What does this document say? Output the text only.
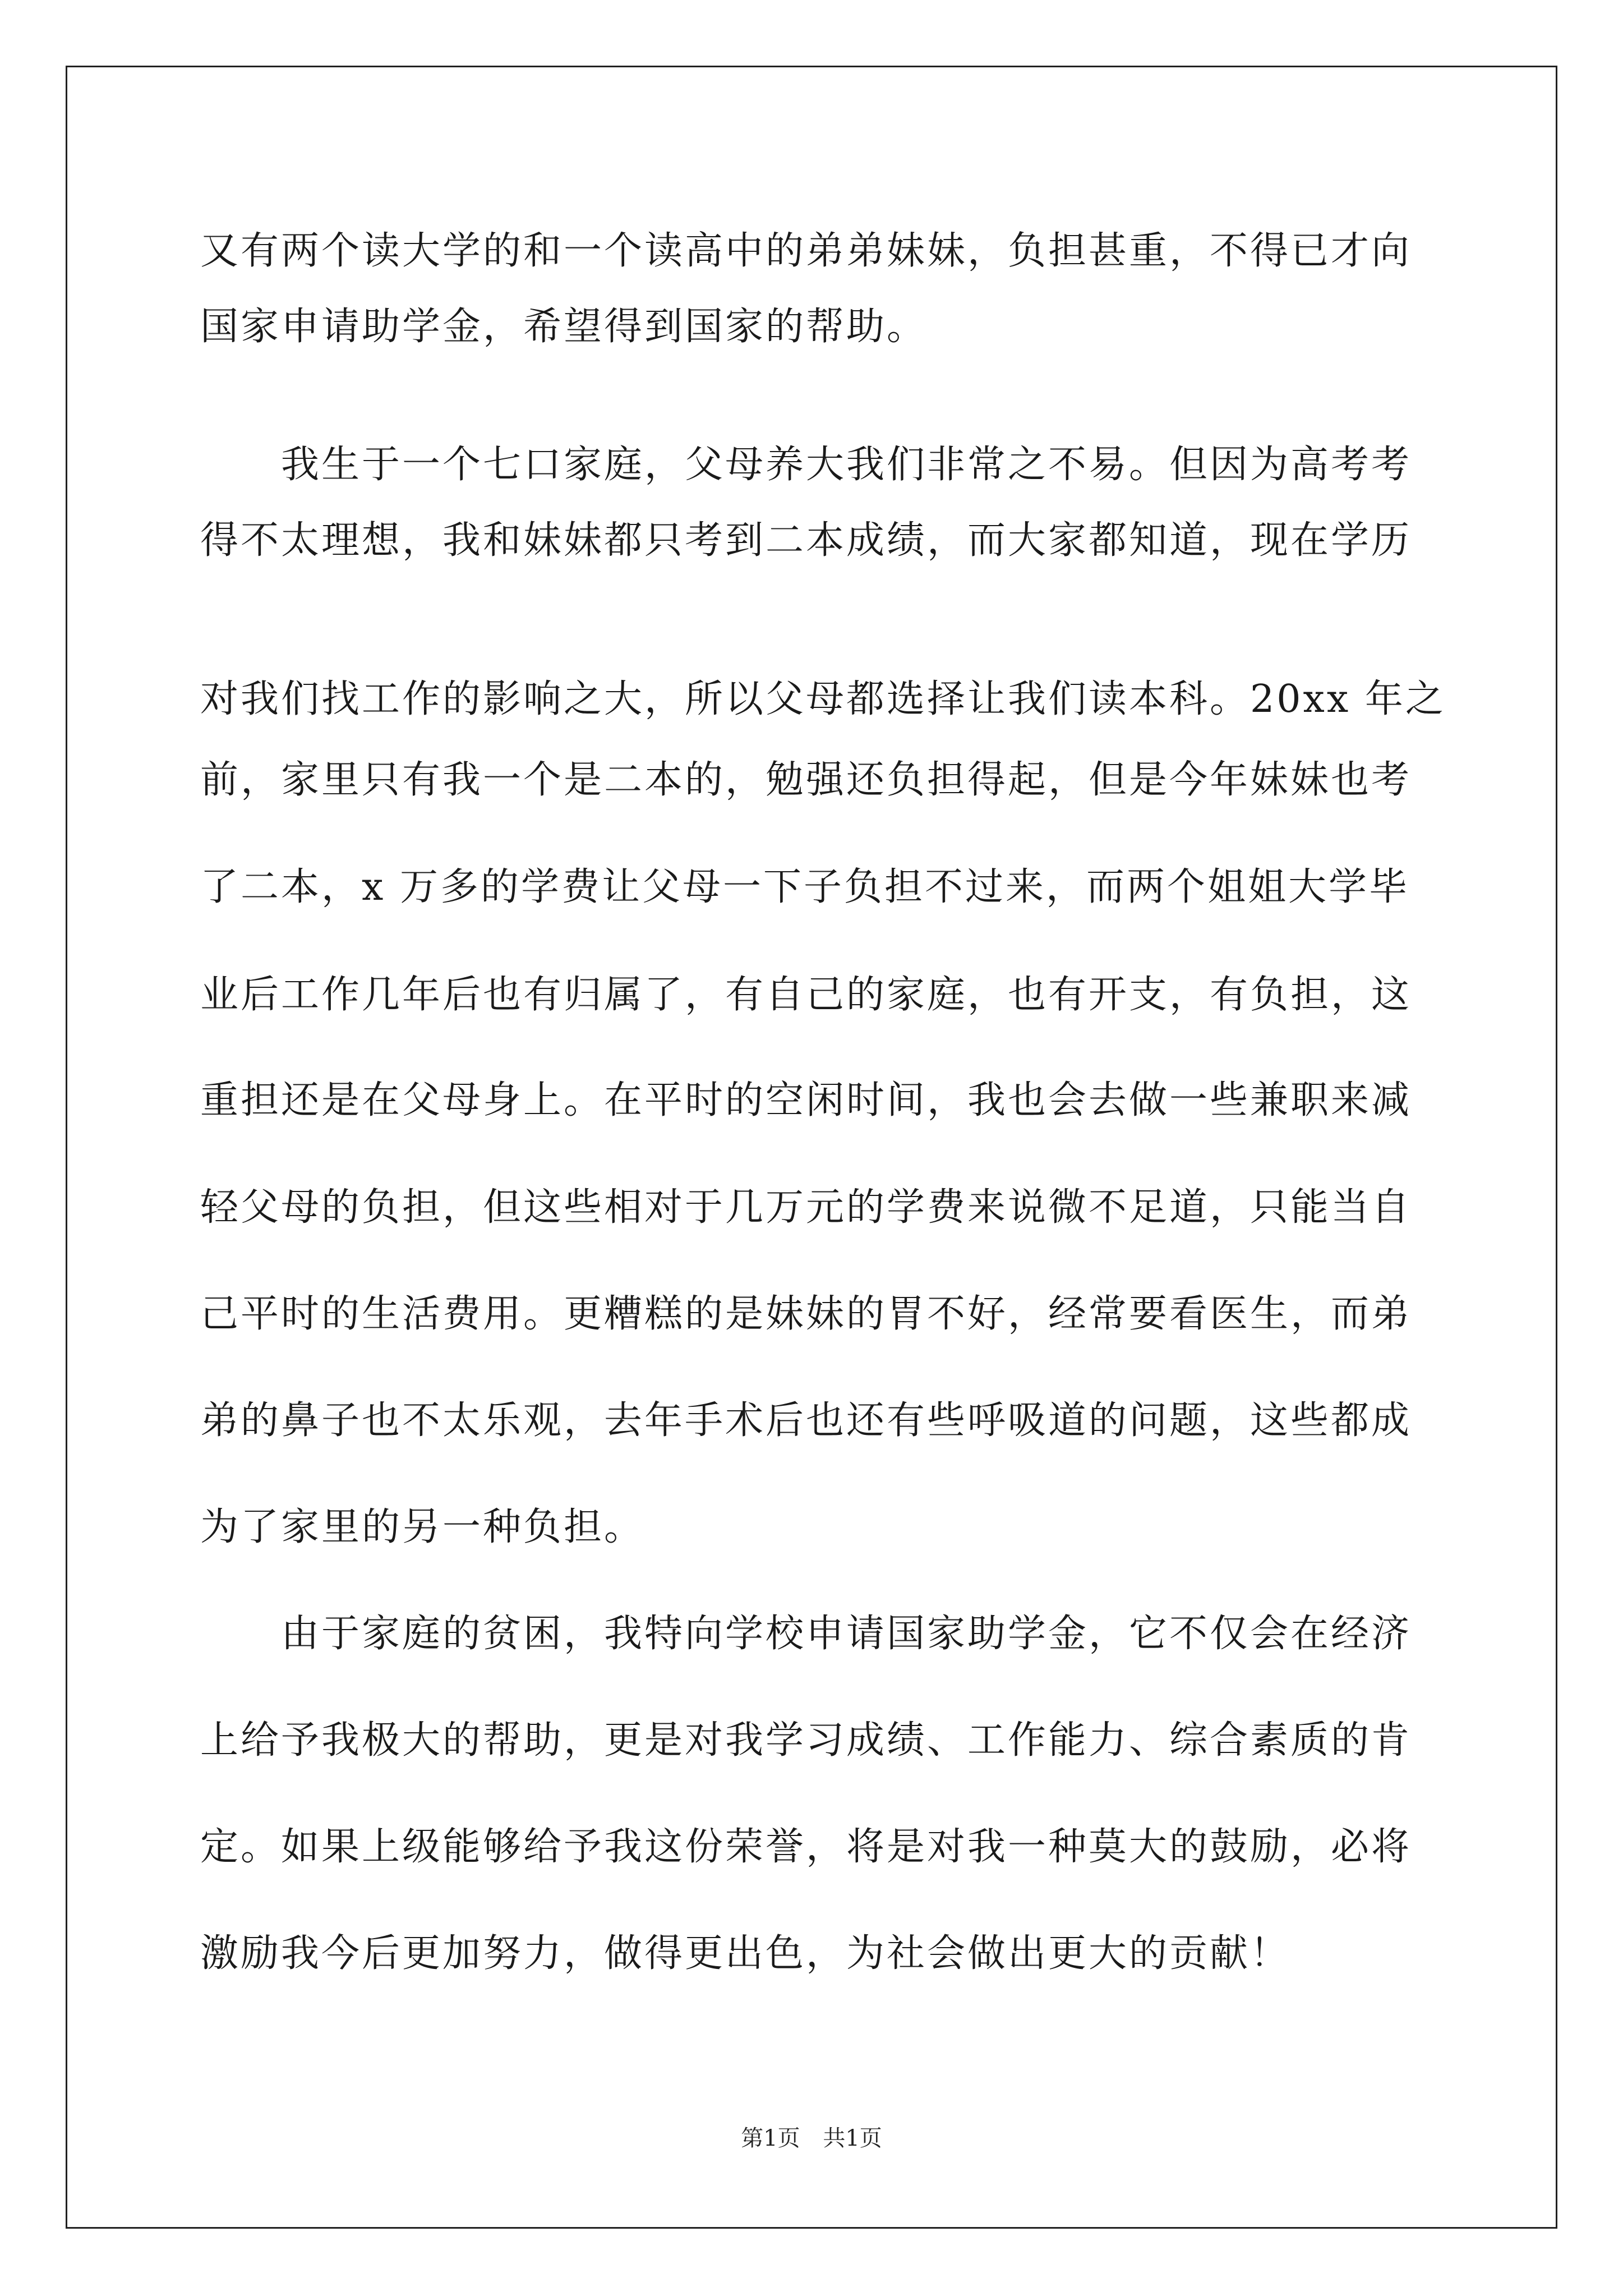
又有两个读大学的和一个读高中的弟弟妹妹，负担甚重，不得已才向
国家申请助学金，希望得到国家的帮助。
　　我生于一个七口家庭，父母养大我们非常之不易。但因为高考考
得不太理想，我和妹妹都只考到二本成绩，而大家都知道，现在学历
对我们找工作的影响之大，所以父母都选择让我们读本科。20xx 年之
前，家里只有我一个是二本的，勉强还负担得起，但是今年妹妹也考
了二本，x 万多的学费让父母一下子负担不过来，而两个姐姐大学毕
业后工作几年后也有归属了，有自己的家庭，也有开支，有负担，这
重担还是在父母身上。在平时的空闲时间，我也会去做一些兼职来减
轻父母的负担，但这些相对于几万元的学费来说微不足道，只能当自
己平时的生活费用。更糟糕的是妹妹的胃不好，经常要看医生，而弟
弟的鼻子也不太乐观，去年手术后也还有些呼吸道的问题，这些都成
为了家里的另一种负担。
　　由于家庭的贫困，我特向学校申请国家助学金，它不仅会在经济
上给予我极大的帮助，更是对我学习成绩、工作能力、综合素质的肯
定。如果上级能够给予我这份荣誉，将是对我一种莫大的鼓励，必将
激励我今后更加努力，做得更出色，为社会做出更大的贡献！
第1页 共1页
